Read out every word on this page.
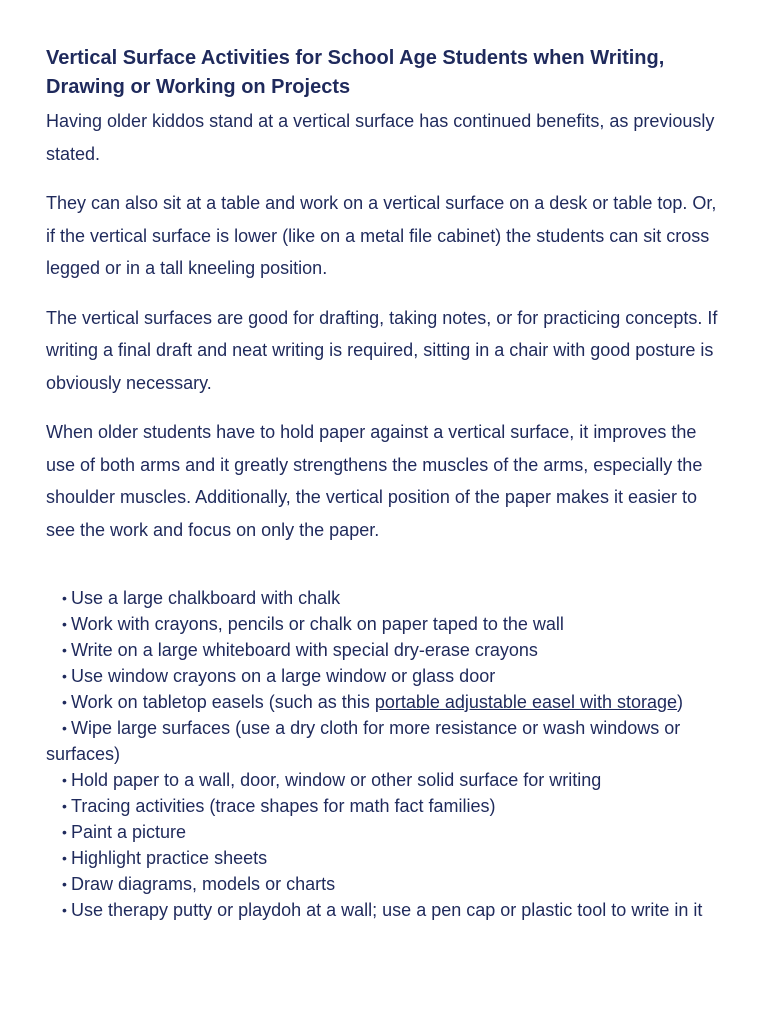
Vertical Surface Activities for School Age Students when Writing, Drawing or Working on Projects

Having older kiddos stand at a vertical surface has continued benefits, as previously stated.

They can also sit at a table and work on a vertical surface on a desk or table top. Or, if the vertical surface is lower (like on a metal file cabinet) the students can sit cross legged or in a tall kneeling position.

The vertical surfaces are good for drafting, taking notes, or for practicing concepts. If writing a final draft and neat writing is required, sitting in a chair with good posture is obviously necessary.

When older students have to hold paper against a vertical surface, it improves the use of both arms and it greatly strengthens the muscles of the arms, especially the shoulder muscles. Additionally, the vertical position of the paper makes it easier to see the work and focus on only the paper.

• Use a large chalkboard with chalk
• Work with crayons, pencils or chalk on paper taped to the wall
• Write on a large whiteboard with special dry-erase crayons
• Use window crayons on a large window or glass door
• Work on tabletop easels (such as this portable adjustable easel with storage)
• Wipe large surfaces (use a dry cloth for more resistance or wash windows or surfaces)
• Hold paper to a wall, door, window or other solid surface for writing
• Tracing activities (trace shapes for math fact families)
• Paint a picture
• Highlight practice sheets
• Draw diagrams, models or charts
• Use therapy putty or playdoh at a wall; use a pen cap or plastic tool to write in it
